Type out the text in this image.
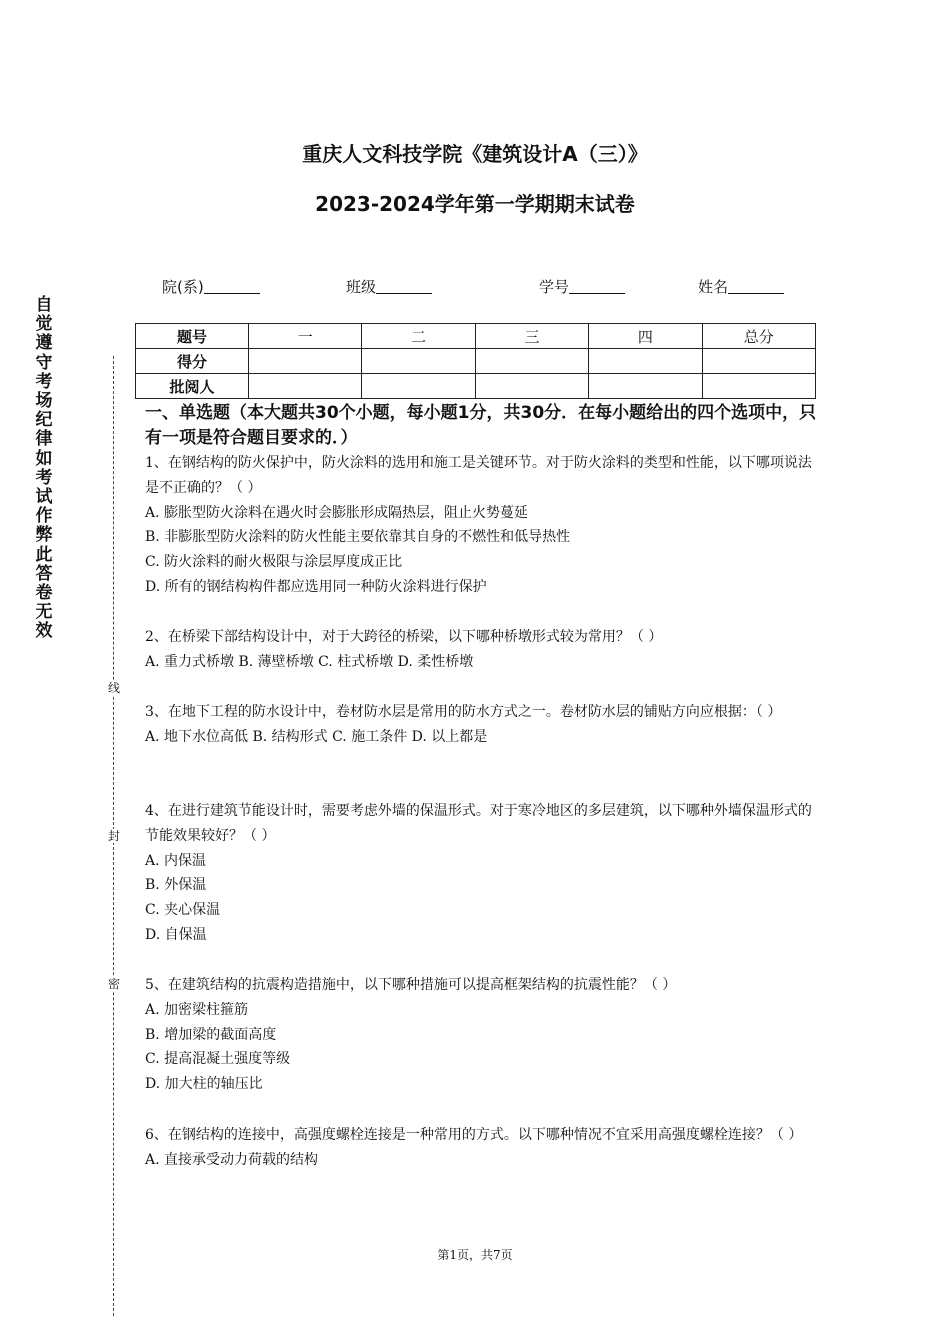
重庆人文科技学院《建筑设计A（三）》
2023-2024学年第一学期期末试卷
院(系)	班级	学号	姓名
题号	一	二	三	四	总分
得分					
批阅人					
自觉遵守考场纪律如考试作弊此答卷无效
线
封
密
一、单选题（本大题共30个小题，每小题1分，共30分．在每小题给出的四个选项中，只有一项是符合题目要求的．）

1、在钢结构的防火保护中，防火涂料的选用和施工是关键环节。对于防火涂料的类型和性能，以下哪项说法是不正确的？（ ）

A. 膨胀型防火涂料在遇火时会膨胀形成隔热层，阻止火势蔓延

B. 非膨胀型防火涂料的防火性能主要依靠其自身的不燃性和低导热性

C. 防火涂料的耐火极限与涂层厚度成正比

D. 所有的钢结构构件都应选用同一种防火涂料进行保护

2、在桥梁下部结构设计中，对于大跨径的桥梁，以下哪种桥墩形式较为常用？（ ）

A. 重力式桥墩 B. 薄壁桥墩 C. 柱式桥墩 D. 柔性桥墩

3、在地下工程的防水设计中，卷材防水层是常用的防水方式之一。卷材防水层的铺贴方向应根据：（ ）

A. 地下水位高低 B. 结构形式 C. 施工条件 D. 以上都是

4、在进行建筑节能设计时，需要考虑外墙的保温形式。对于寒冷地区的多层建筑，以下哪种外墙保温形式的节能效果较好？（ ）

A. 内保温

B. 外保温

C. 夹心保温

D. 自保温

5、在建筑结构的抗震构造措施中，以下哪种措施可以提高框架结构的抗震性能？（ ）

A. 加密梁柱箍筋

B. 增加梁的截面高度

C. 提高混凝土强度等级

D. 加大柱的轴压比

6、在钢结构的连接中，高强度螺栓连接是一种常用的方式。以下哪种情况不宜采用高强度螺栓连接？（ ）

A. 直接承受动力荷载的结构

第1页，共7页
